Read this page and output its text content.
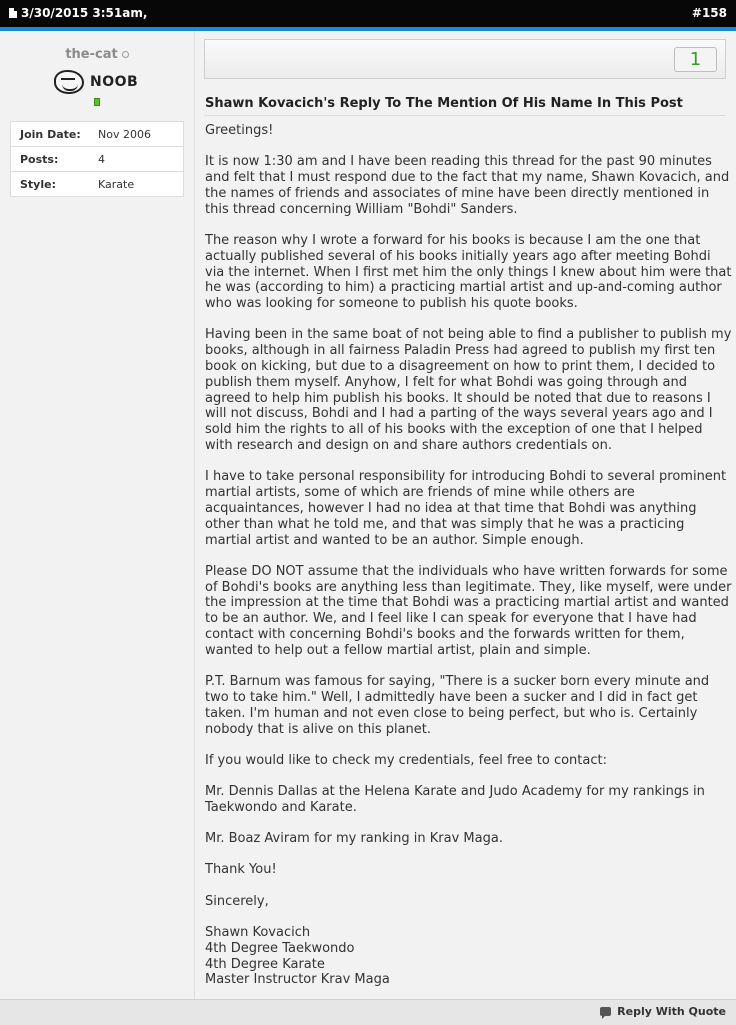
3/30/2015 3:51am,	#158
the-cat
NOOB
Join Date:	Nov 2006
Posts:	4
Style:	Karate
1
Shawn Kovacich's Reply To The Mention Of His Name In This Post

Greetings!

It is now 1:30 am and I have been reading this thread for the past 90 minutes and felt that I must respond due to the fact that my name, Shawn Kovacich, and the names of friends and associates of mine have been directly mentioned in this thread concerning William "Bohdi" Sanders.

The reason why I wrote a forward for his books is because I am the one that actually published several of his books initially years ago after meeting Bohdi via the internet. When I first met him the only things I knew about him were that he was (according to him) a practicing martial artist and up-and-coming author who was looking for someone to publish his quote books.

Having been in the same boat of not being able to find a publisher to publish my books, although in all fairness Paladin Press had agreed to publish my first ten book on kicking, but due to a disagreement on how to print them, I decided to publish them myself. Anyhow, I felt for what Bohdi was going through and agreed to help him publish his books. It should be noted that due to reasons I will not discuss, Bohdi and I had a parting of the ways several years ago and I sold him the rights to all of his books with the exception of one that I helped with research and design on and share authors credentials on.

I have to take personal responsibility for introducing Bohdi to several prominent martial artists, some of which are friends of mine while others are acquaintances, however I had no idea at that time that Bohdi was anything other than what he told me, and that was simply that he was a practicing martial artist and wanted to be an author. Simple enough.

Please DO NOT assume that the individuals who have written forwards for some of Bohdi's books are anything less than legitimate. They, like myself, were under the impression at the time that Bohdi was a practicing martial artist and wanted to be an author. We, and I feel like I can speak for everyone that I have had contact with concerning Bohdi's books and the forwards written for them, wanted to help out a fellow martial artist, plain and simple.

P.T. Barnum was famous for saying, "There is a sucker born every minute and two to take him." Well, I admittedly have been a sucker and I did in fact get taken. I'm human and not even close to being perfect, but who is. Certainly nobody that is alive on this planet.

If you would like to check my credentials, feel free to contact:

Mr. Dennis Dallas at the Helena Karate and Judo Academy for my rankings in Taekwondo and Karate.

Mr. Boaz Aviram for my ranking in Krav Maga.

Thank You!

Sincerely,

Shawn Kovacich

4th Degree Taekwondo

4th Degree Karate

Master Instructor Krav Maga

Reply With Quote
